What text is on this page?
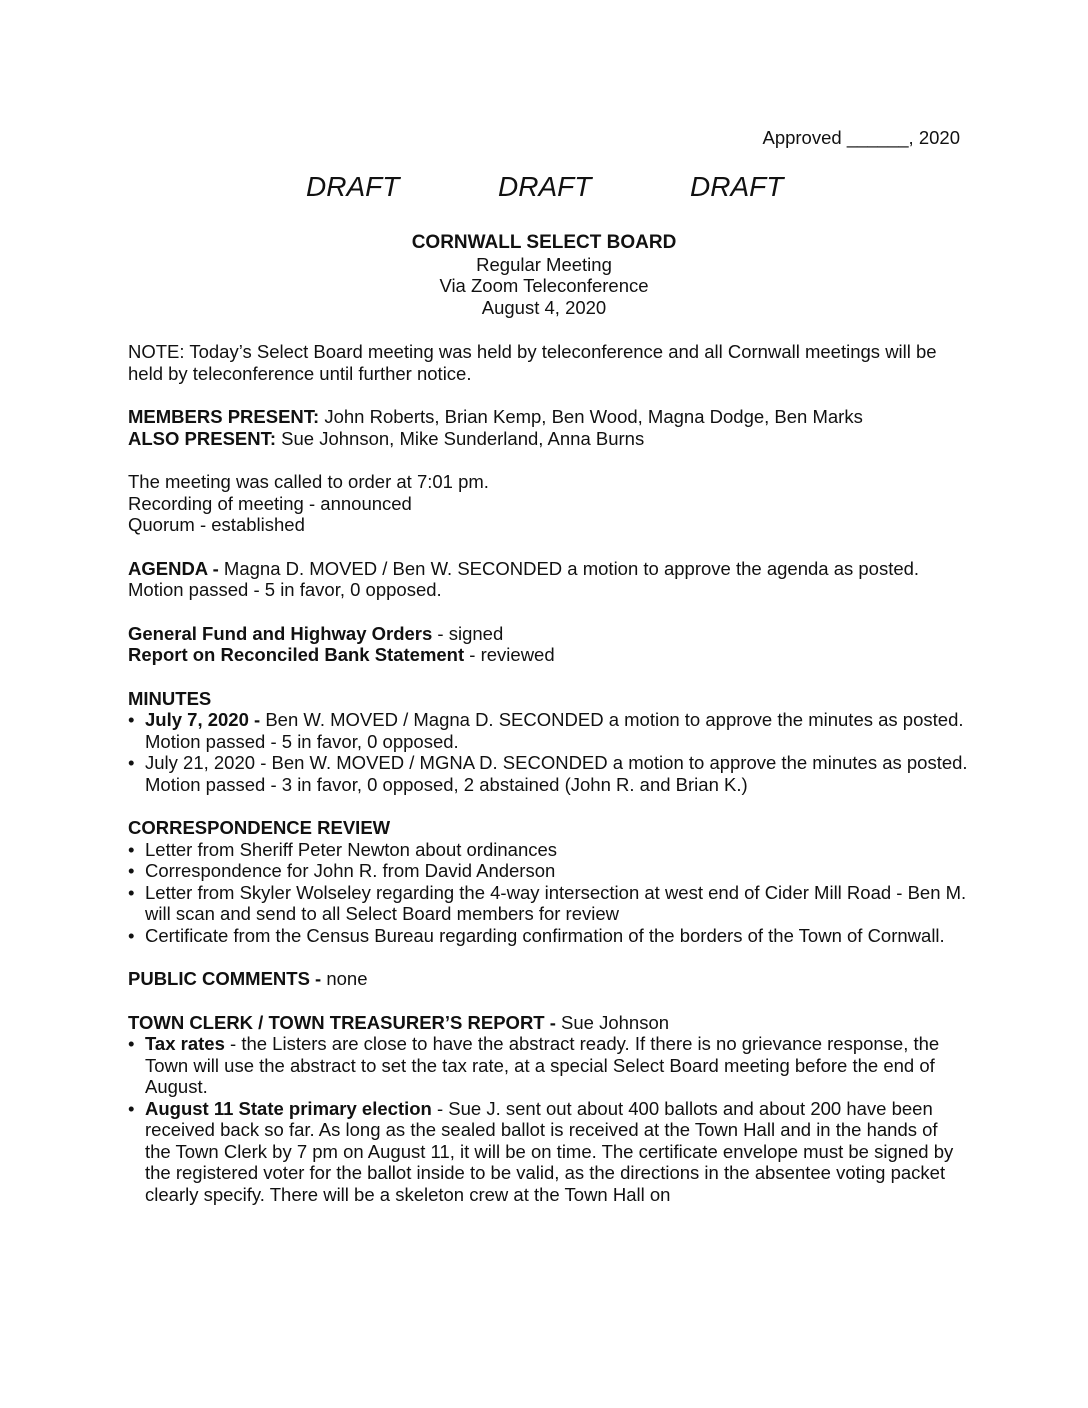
Approved ______, 2020
DRAFT	DRAFT	DRAFT
CORNWALL SELECT BOARD
Regular Meeting
Via Zoom Teleconference
August 4, 2020

NOTE: Today’s Select Board meeting was held by teleconference and all Cornwall meetings will be held by teleconference until further notice.

MEMBERS PRESENT: John Roberts, Brian Kemp, Ben Wood, Magna Dodge, Ben Marks

ALSO PRESENT: Sue Johnson, Mike Sunderland, Anna Burns

The meeting was called to order at 7:01 pm.

Recording of meeting - announced

Quorum - established

AGENDA - Magna D. MOVED / Ben W. SECONDED a motion to approve the agenda as posted. Motion passed - 5 in favor, 0 opposed.

General Fund and Highway Orders - signed

Report on Reconciled Bank Statement - reviewed

MINUTES

• July 7, 2020 - Ben W. MOVED / Magna D. SECONDED a motion to approve the minutes as posted. Motion passed - 5 in favor, 0 opposed.
• July 21, 2020 - Ben W. MOVED / MGNA D. SECONDED a motion to approve the minutes as posted. Motion passed - 3 in favor, 0 opposed, 2 abstained (John R. and Brian K.)

CORRESPONDENCE REVIEW

• Letter from Sheriff Peter Newton about ordinances
• Correspondence for John R. from David Anderson
• Letter from Skyler Wolseley regarding the 4-way intersection at west end of Cider Mill Road - Ben M. will scan and send to all Select Board members for review
• Certificate from the Census Bureau regarding confirmation of the borders of the Town of Cornwall.

PUBLIC COMMENTS - none

TOWN CLERK / TOWN TREASURER’S REPORT - Sue Johnson

• Tax rates - the Listers are close to have the abstract ready. If there is no grievance response, the Town will use the abstract to set the tax rate, at a special Select Board meeting before the end of August.
• August 11 State primary election - Sue J. sent out about 400 ballots and about 200 have been received back so far. As long as the sealed ballot is received at the Town Hall and in the hands of the Town Clerk by 7 pm on August 11, it will be on time. The certificate envelope must be signed by the registered voter for the ballot inside to be valid, as the directions in the absentee voting packet clearly specify. There will be a skeleton crew at the Town Hall on
